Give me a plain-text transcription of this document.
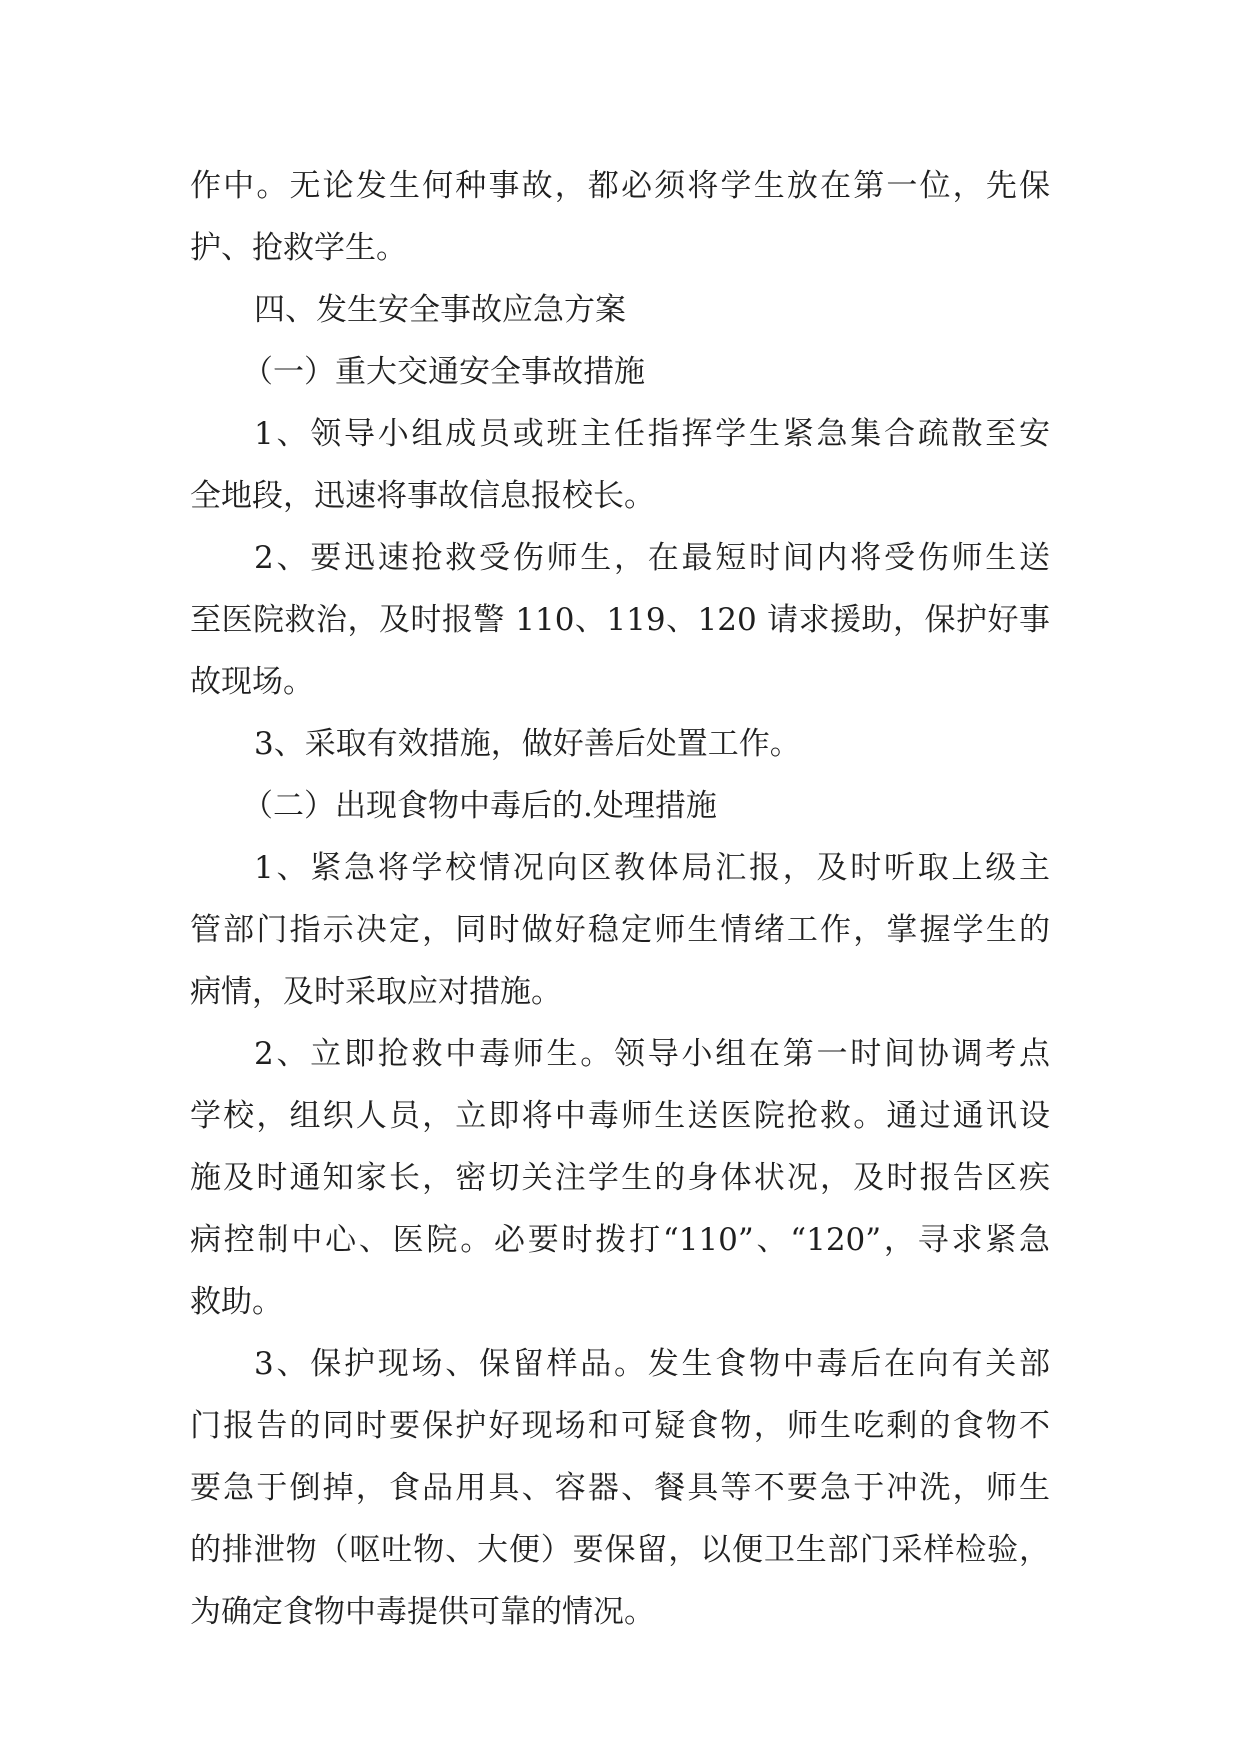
作中。无论发生何种事故，都必须将学生放在第一位，先保
护、抢救学生。
四、发生安全事故应急方案
（一）重大交通安全事故措施
1、领导小组成员或班主任指挥学生紧急集合疏散至安
全地段，迅速将事故信息报校长。
2、要迅速抢救受伤师生，在最短时间内将受伤师生送
至医院救治，及时报警 110、119、120 请求援助，保护好事
故现场。
3、采取有效措施，做好善后处置工作。
（二）出现食物中毒后的.处理措施
1、紧急将学校情况向区教体局汇报，及时听取上级主
管部门指示决定，同时做好稳定师生情绪工作，掌握学生的
病情，及时采取应对措施。
2、立即抢救中毒师生。领导小组在第一时间协调考点
学校，组织人员，立即将中毒师生送医院抢救。通过通讯设
施及时通知家长，密切关注学生的身体状况，及时报告区疾
病控制中心、医院。必要时拨打“110”、“120”，寻求紧急
救助。
3、保护现场、保留样品。发生食物中毒后在向有关部
门报告的同时要保护好现场和可疑食物，师生吃剩的食物不
要急于倒掉，食品用具、容器、餐具等不要急于冲洗，师生
的排泄物（呕吐物、大便）要保留，以便卫生部门采样检验，
为确定食物中毒提供可靠的情况。
